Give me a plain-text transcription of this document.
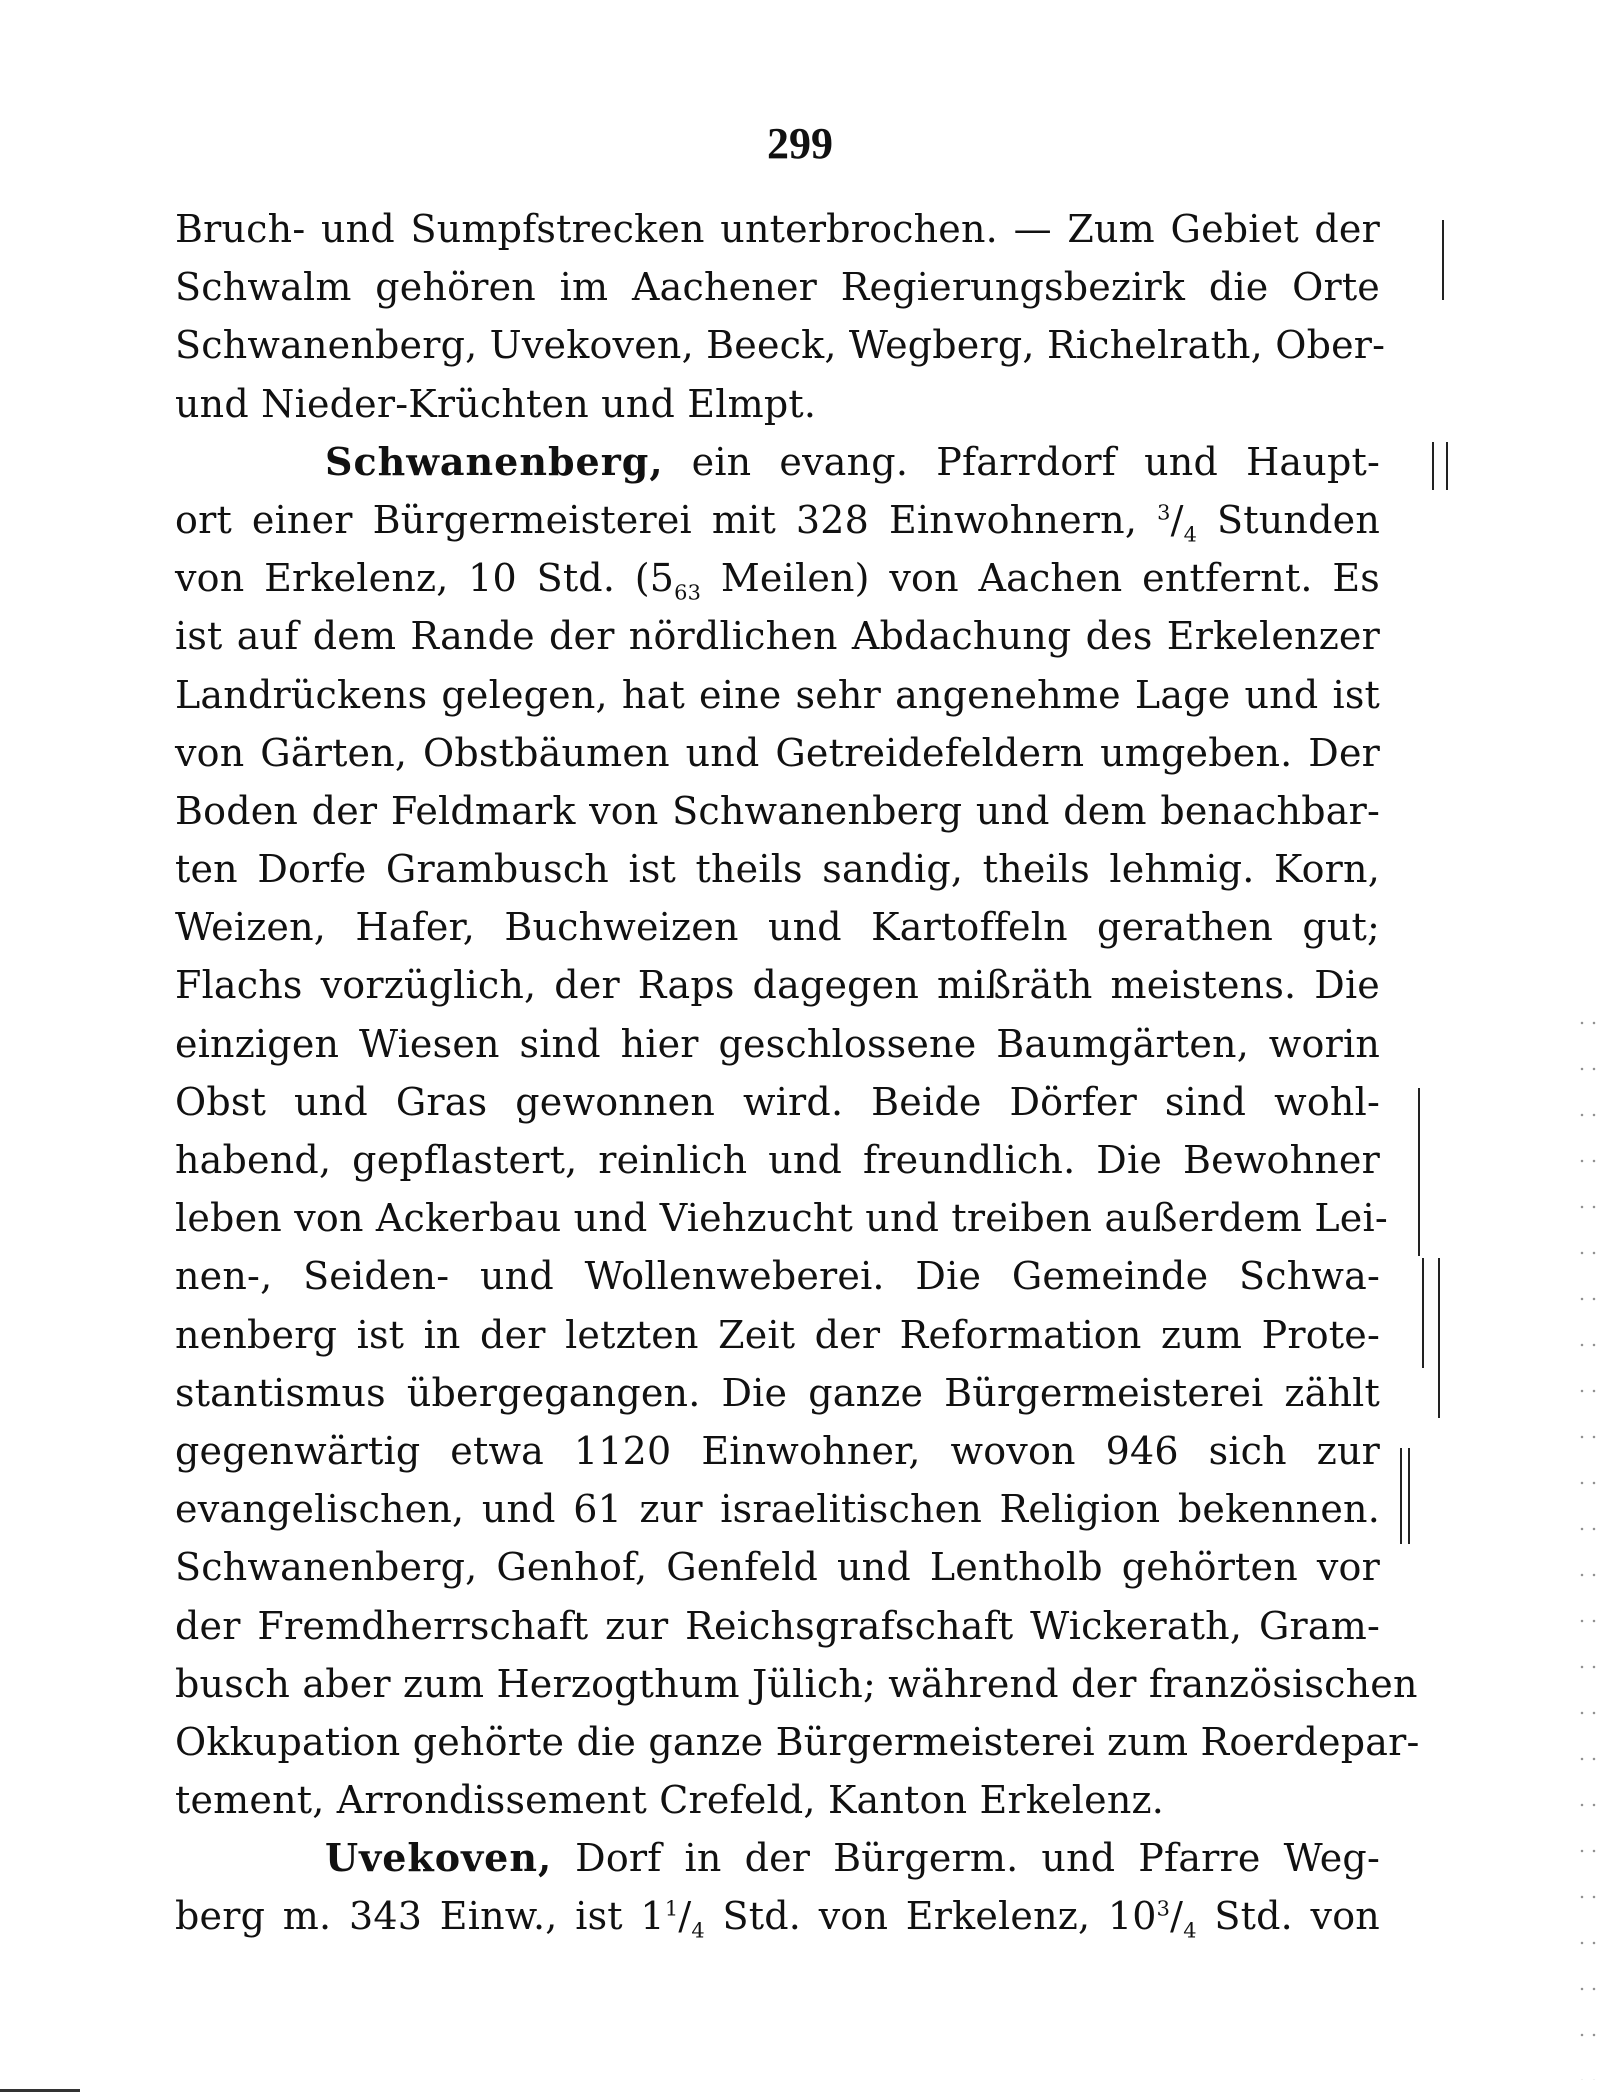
299
Bruch- und Sumpfstrecken unterbrochen. — Zum Gebiet der
Schwalm gehören im Aachener Regierungsbezirk die Orte
Schwanenberg, Uvekoven, Beeck, Wegberg, Richelrath, Ober-
und Nieder-Krüchten und Elmpt.
Schwanenberg, ein evang. Pfarrdorf und Haupt-
ort einer Bürgermeisterei mit 328 Einwohnern, $^3/_4$ Stunden
von Erkelenz, 10 Std. ($5_{63}$ Meilen) von Aachen entfernt. Es
ist auf dem Rande der nördlichen Abdachung des Erkelenzer
Landrückens gelegen, hat eine sehr angenehme Lage und ist
von Gärten, Obstbäumen und Getreidefeldern umgeben. Der
Boden der Feldmark von Schwanenberg und dem benachbar-
ten Dorfe Grambusch ist theils sandig, theils lehmig. Korn,
Weizen, Hafer, Buchweizen und Kartoffeln gerathen gut;
Flachs vorzüglich, der Raps dagegen mißräth meistens. Die
einzigen Wiesen sind hier geschlossene Baumgärten, worin
Obst und Gras gewonnen wird. Beide Dörfer sind wohl-
habend, gepflastert, reinlich und freundlich. Die Bewohner
leben von Ackerbau und Viehzucht und treiben außerdem Lei-
nen-, Seiden- und Wollenweberei. Die Gemeinde Schwa-
nenberg ist in der letzten Zeit der Reformation zum Prote-
stantismus übergegangen. Die ganze Bürgermeisterei zählt
gegenwärtig etwa 1120 Einwohner, wovon 946 sich zur
evangelischen, und 61 zur israelitischen Religion bekennen.
Schwanenberg, Genhof, Genfeld und Lentholb gehörten vor
der Fremdherrschaft zur Reichsgrafschaft Wickerath, Gram-
busch aber zum Herzogthum Jülich; während der französischen
Okkupation gehörte die ganze Bürgermeisterei zum Roerdepar-
tement, Arrondissement Crefeld, Kanton Erkelenz.
Uvekoven, Dorf in der Bürgerm. und Pfarre Weg-
berg m. 343 Einw., ist $1^1/_4$ Std. von Erkelenz, $10^3/_4$ Std. von
